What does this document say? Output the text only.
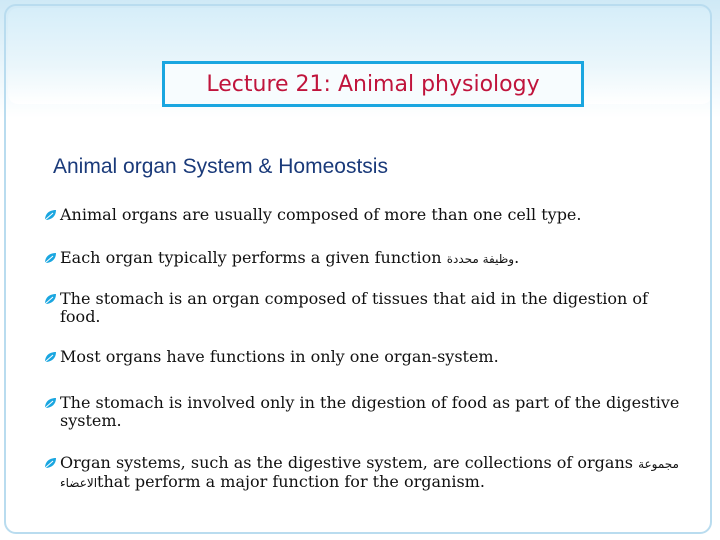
Lecture 21: Animal physiology
Animal organ System & Homeostsis
Animal organs are usually composed of more than one cell type.
Each organ typically performs a given function وظيفة محددة.
The stomach is an organ composed of tissues that aid in the digestion of food.
Most organs have functions in only one organ-system.
The stomach is involved only in the digestion of food as part of the digestive system.
Organ systems, such as the digestive system, are collections of organs مجموعة الاعضاءthat perform a major function for the organism.
